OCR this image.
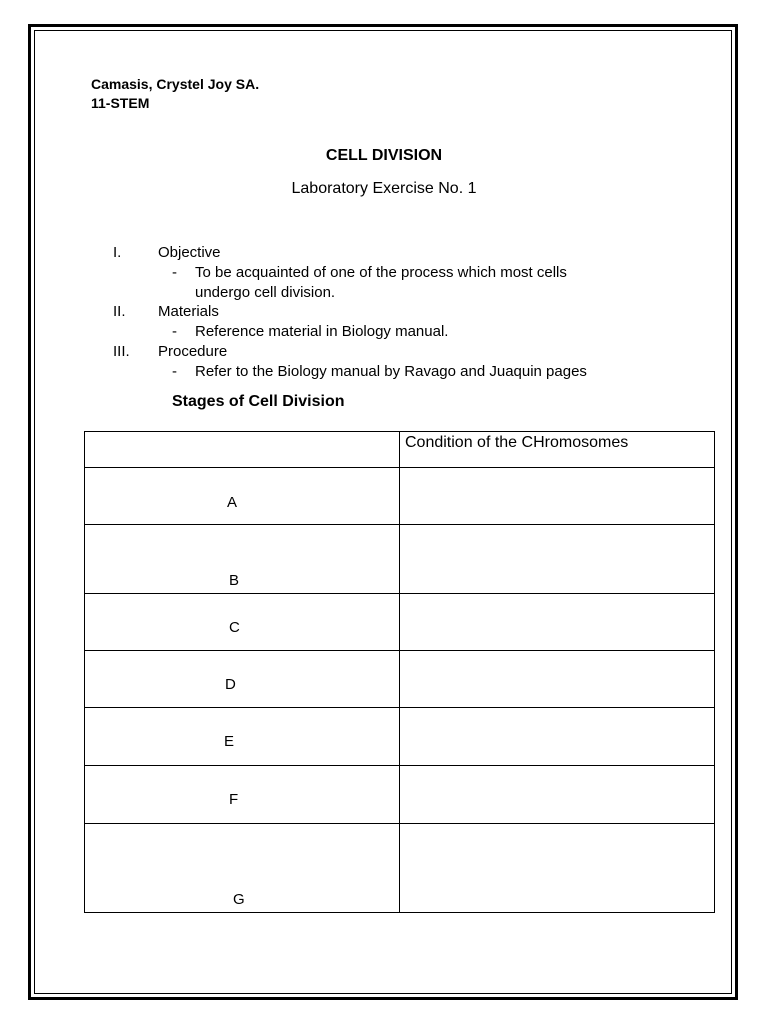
Camasis, Crystel Joy SA.
11-STEM
CELL DIVISION
Laboratory Exercise No. 1
I. Objective
- To be acquainted of one of the process which most cells
undergo cell division.
II. Materials
- Reference material in Biology manual.
III. Procedure
- Refer to the Biology manual by Ravago and Juaquin pages
Stages of Cell Division

	Condition of the CHromosomes

A	

B	

C	

D	

E	

F	

G	
